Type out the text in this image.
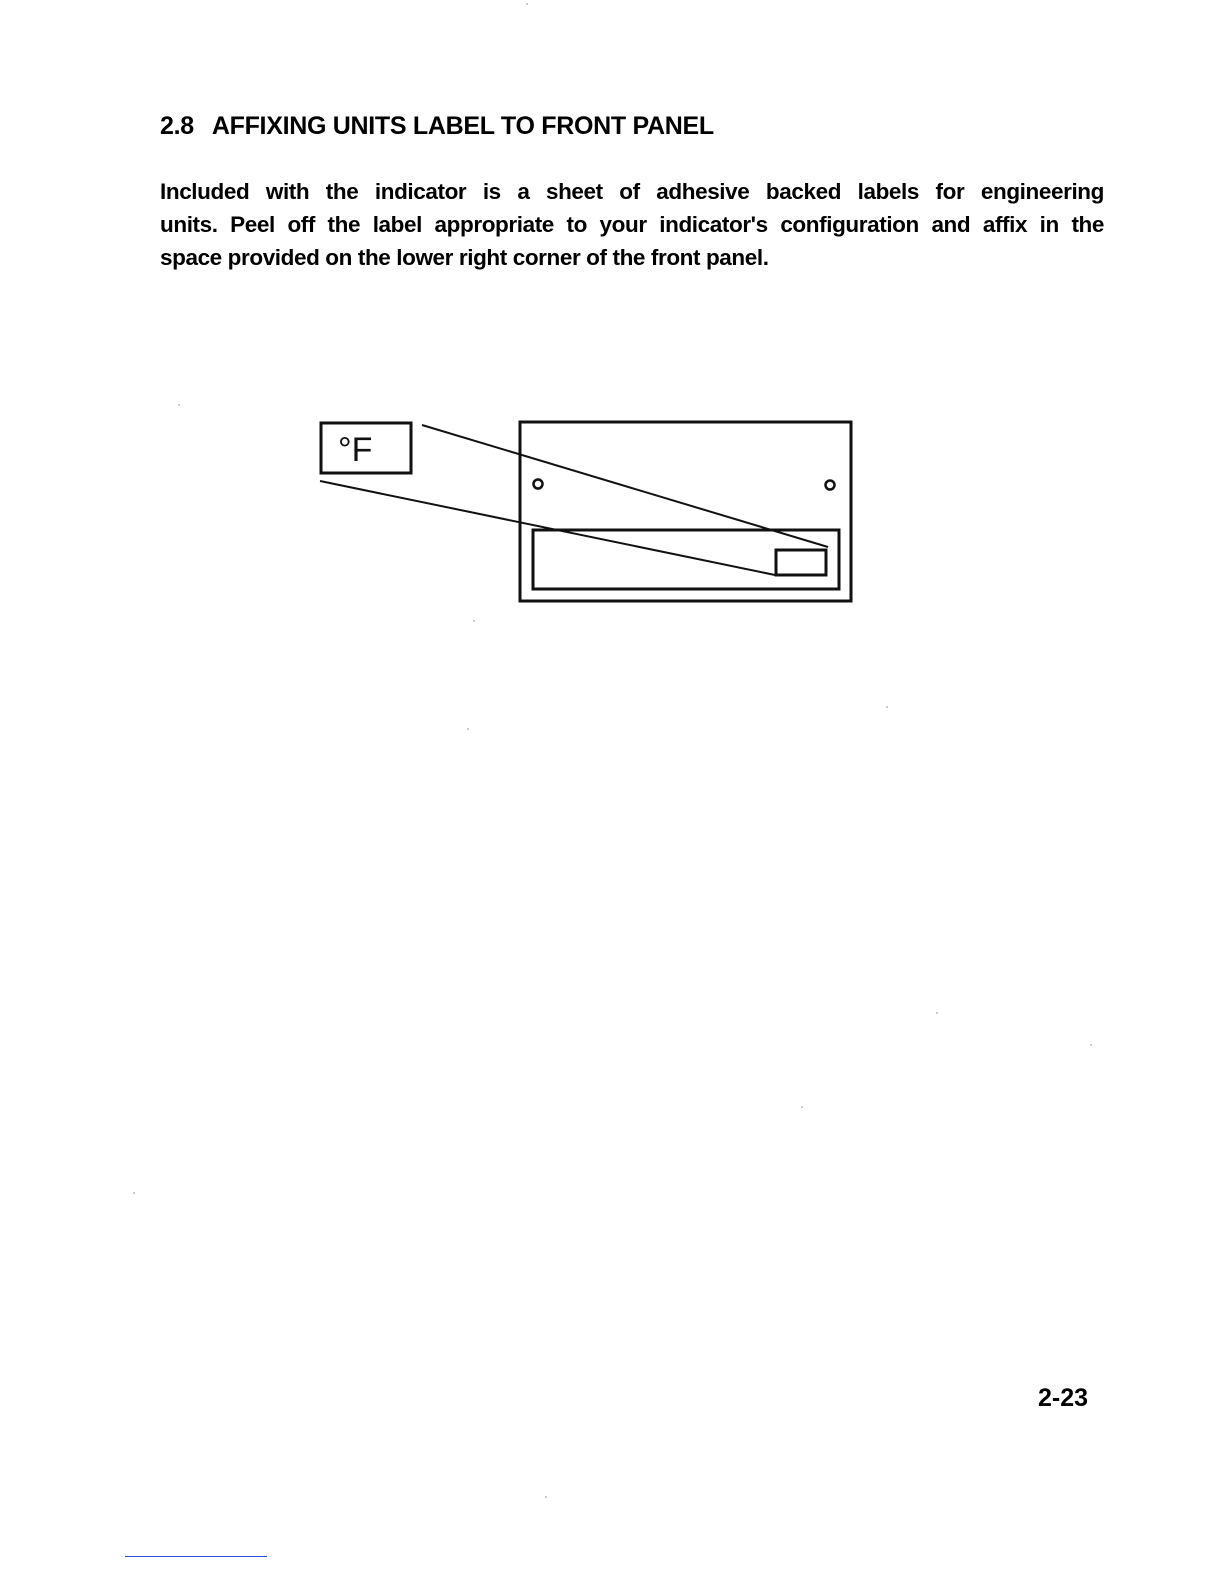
2.8 AFFIXING UNITS LABEL TO FRONT PANEL

Included with the indicator is a sheet of adhesive backed labels for engineering
units. Peel off the label appropriate to your indicator's configuration and affix in the
space provided on the lower right corner of the front panel.

°F

2-23
